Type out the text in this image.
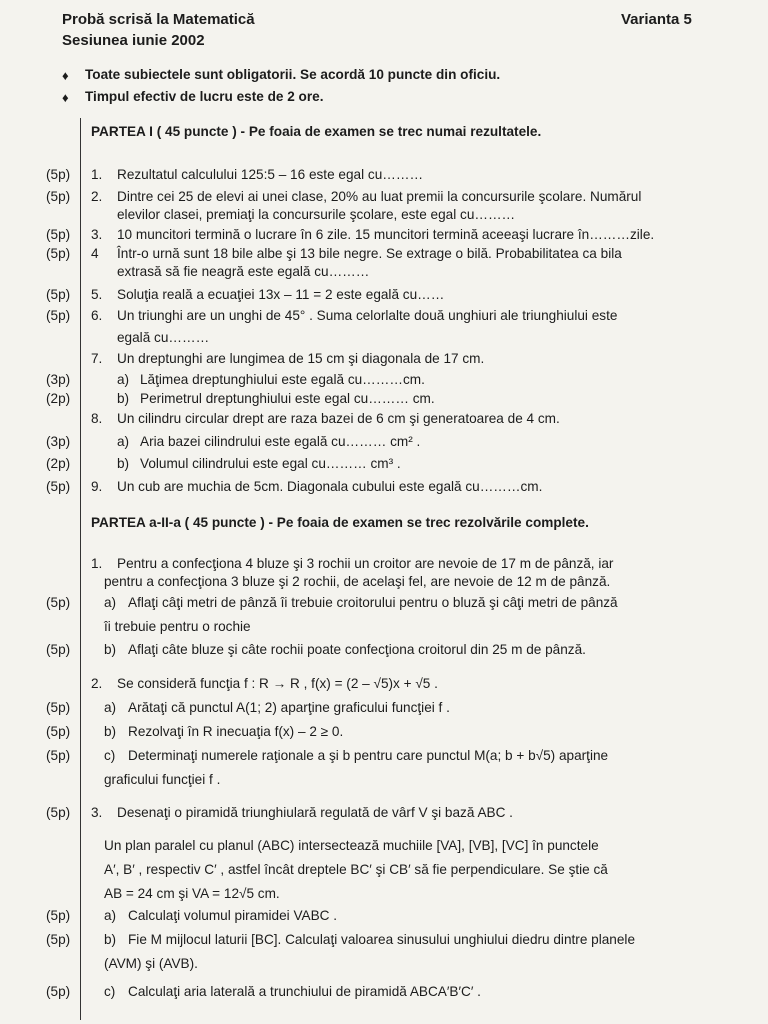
Probă scrisă la Matematică
Sesiunea iunie 2002
Varianta 5
♦ Toate subiectele sunt obligatorii. Se acordă 10 puncte din oficiu.
♦ Timpul efectiv de lucru este de 2 ore.
PARTEA I ( 45 puncte ) - Pe foaia de examen se trec numai rezultatele.
(5p) 1. Rezultatul calculului 125:5 – 16 este egal cu………
(5p) 2. Dintre cei 25 de elevi ai unei clase, 20% au luat premii la concursurile şcolare. Numărul
elevilor clasei, premiaţi la concursurile şcolare, este egal cu………
(5p) 3. 10 muncitori termină o lucrare în 6 zile. 15 muncitori termină aceeaşi lucrare în………zile.
(5p) 4 Într-o urnă sunt 18 bile albe şi 13 bile negre. Se extrage o bilă. Probabilitatea ca bila
extrasă să fie neagră este egală cu………
(5p) 5. Soluţia reală a ecuaţiei 13x – 11 = 2 este egală cu……
(5p) 6. Un triunghi are un unghi de 45° . Suma celorlalte două unghiuri ale triunghiului este
egală cu………
7. Un dreptunghi are lungimea de 15 cm şi diagonala de 17 cm.
(3p)	a) Lăţimea dreptunghiului este egală cu………cm.
(2p)	b) Perimetrul dreptunghiului este egal cu……… cm.
8. Un cilindru circular drept are raza bazei de 6 cm şi generatoarea de 4 cm.
(3p)	a) Aria bazei cilindrului este egală cu……… cm² .
(2p)	b) Volumul cilindrului este egal cu……… cm³ .
(5p) 9. Un cub are muchia de 5cm. Diagonala cubului este egală cu………cm.
PARTEA a-II-a ( 45 puncte ) - Pe foaia de examen se trec rezolvările complete.
1. Pentru a confecţiona 4 bluze şi 3 rochii un croitor are nevoie de 17 m de pânză, iar
pentru a confecţiona 3 bluze şi 2 rochii, de acelaşi fel, are nevoie de 12 m de pânză.
(5p) a) Aflaţi câţi metri de pânză îi trebuie croitorului pentru o bluză şi câţi metri de pânză
îi trebuie pentru o rochie
(5p) b) Aflaţi câte bluze şi câte rochii poate confecţiona croitorul din 25 m de pânză.
2. Se consideră funcţia f : R → R , f(x) = (2 – √5)x + √5 .
(5p) a) Arătaţi că punctul A(1; 2) aparţine graficului funcţiei f .
(5p) b) Rezolvaţi în R inecuaţia f(x) – 2 ≥ 0.
(5p) c) Determinaţi numerele raţionale a şi b pentru care punctul M(a; b + b√5) aparţine
graficului funcţiei f .
(5p) 3. Desenaţi o piramidă triunghiulară regulată de vârf V şi bază ABC .
Un plan paralel cu planul (ABC) intersectează muchiile [VA], [VB], [VC] în punctele
A′, B′ , respectiv C′ , astfel încât dreptele BC′ şi CB′ să fie perpendiculare. Se ştie că
AB = 24 cm şi VA = 12√5 cm.
(5p) a) Calculaţi volumul piramidei VABC .
(5p) b) Fie M mijlocul laturii [BC]. Calculaţi valoarea sinusului unghiului diedru dintre planele
(AVM) şi (AVB).
(5p) c) Calculaţi aria laterală a trunchiului de piramidă ABCA′B′C′ .
